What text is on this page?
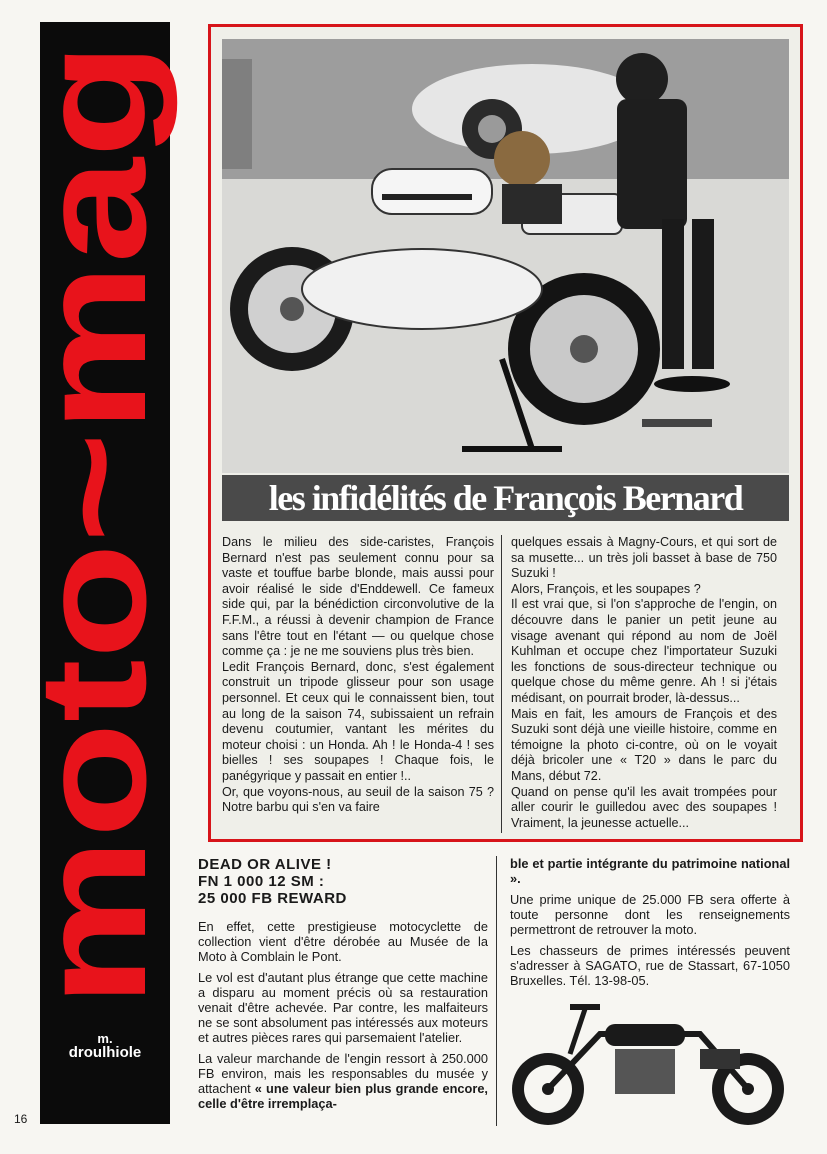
moto~mag
m.
droulhiole
16
les infidélités de François Bernard

Dans le milieu des side-caristes, François Bernard n'est pas seulement connu pour sa vaste et touffue barbe blonde, mais aussi pour avoir réalisé le side d'Enddewell. Ce fameux side qui, par la bénédiction circonvolutive de la F.F.M., a réussi à devenir champion de France sans l'être tout en l'étant — ou quelque chose comme ça : je ne me souviens plus très bien.

Ledit François Bernard, donc, s'est également construit un tripode glisseur pour son usage personnel. Et ceux qui le connaissent bien, tout au long de la saison 74, subissaient un refrain devenu coutumier, vantant les mérites du moteur choisi : un Honda. Ah ! le Honda-4 ! ses bielles ! ses soupapes ! Chaque fois, le panégyrique y passait en entier !..

Or, que voyons-nous, au seuil de la saison 75 ? Notre barbu qui s'en va faire

quelques essais à Magny-Cours, et qui sort de sa musette... un très joli basset à base de 750 Suzuki !

Alors, François, et les soupapes ?

Il est vrai que, si l'on s'approche de l'engin, on découvre dans le panier un petit jeune au visage avenant qui répond au nom de Joël Kuhlman et occupe chez l'importateur Suzuki les fonctions de sous-directeur technique ou quelque chose du même genre. Ah ! si j'étais médisant, on pourrait broder, là-dessus...

Mais en fait, les amours de François et des Suzuki sont déjà une vieille histoire, comme en témoigne la photo ci-contre, où on le voyait déjà bricoler une « T20 » dans le parc du Mans, début 72.

Quand on pense qu'il les avait trompées pour aller courir le guilledou avec des soupapes ! Vraiment, la jeunesse actuelle...

DEAD OR ALIVE !
FN 1 000 12 SM :
25 000 FB REWARD

En effet, cette prestigieuse motocyclette de collection vient d'être dérobée au Musée de la Moto à Comblain le Pont.

Le vol est d'autant plus étrange que cette machine a disparu au moment précis où sa restauration venait d'être achevée. Par contre, les malfaiteurs ne se sont absolument pas intéressés aux moteurs et autres pièces rares qui parsemaient l'atelier.

La valeur marchande de l'engin ressort à 250.000 FB environ, mais les responsables du musée y attachent « une valeur bien plus grande encore, celle d'être irremplaça-

ble et partie intégrante du patrimoine national ».

Une prime unique de 25.000 FB sera offerte à toute personne dont les renseignements permettront de retrouver la moto.

Les chasseurs de primes intéressés peuvent s'adresser à SAGATO, rue de Stassart, 67-1050 Bruxelles. Tél. 13-98-05.
